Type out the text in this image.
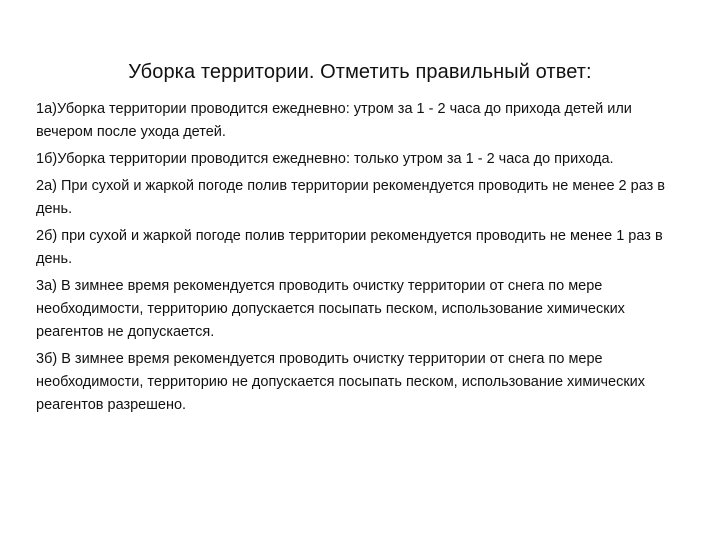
Уборка территории. Отметить правильный ответ:

1а)Уборка территории проводится ежедневно: утром за 1 - 2 часа до прихода детей или вечером после ухода детей.

1б)Уборка территории проводится ежедневно: только утром за 1 - 2 часа до прихода.

2а) При сухой и жаркой погоде полив территории рекомендуется проводить не менее 2 раз в день.

2б) при сухой и жаркой погоде полив территории рекомендуется проводить не менее 1 раз в день.

3а) В зимнее время рекомендуется проводить очистку территории от снега по мере необходимости, территорию допускается посыпать песком, использование химических реагентов не допускается.

3б) В зимнее время рекомендуется проводить очистку территории от снега по мере необходимости, территорию не допускается посыпать песком, использование химических реагентов разрешено.
